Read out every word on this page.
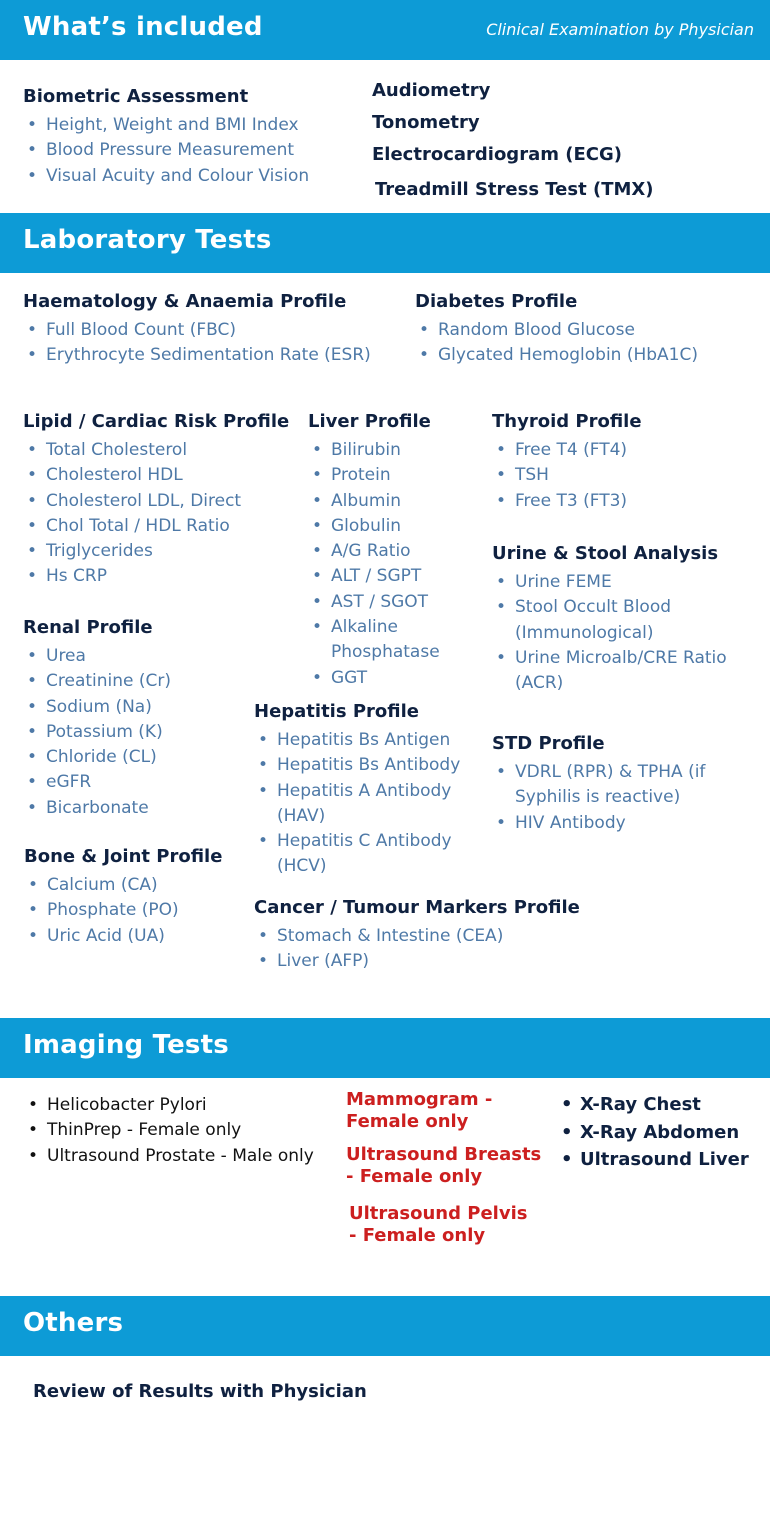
What’s included	Clinical Examination by Physician
Biometric Assessment
• Height, Weight and BMI Index
• Blood Pressure Measurement
• Visual Acuity and Colour Vision
Audiometry
Tonometry
Electrocardiogram (ECG)
Treadmill Stress Test (TMX)
Laboratory Tests
Haematology & Anaemia Profile
• Full Blood Count (FBC)
• Erythrocyte Sedimentation Rate (ESR)
Diabetes Profile
• Random Blood Glucose
• Glycated Hemoglobin (HbA1C)
Lipid / Cardiac Risk Profile
• Total Cholesterol
• Cholesterol HDL
• Cholesterol LDL, Direct
• Chol Total / HDL Ratio
• Triglycerides
• Hs CRP
Liver Profile
• Bilirubin
• Protein
• Albumin
• Globulin
• A/G Ratio
• ALT / SGPT
• AST / SGOT
• Alkaline Phosphatase
• GGT
Thyroid Profile
• Free T4 (FT4)
• TSH
• Free T3 (FT3)
Urine & Stool Analysis
• Urine FEME
• Stool Occult Blood (Immunological)
• Urine Microalb/CRE Ratio (ACR)
Renal Profile
• Urea
• Creatinine (Cr)
• Sodium (Na)
• Potassium (K)
• Chloride (CL)
• eGFR
• Bicarbonate
Hepatitis Profile
• Hepatitis Bs Antigen
• Hepatitis Bs Antibody
• Hepatitis A Antibody (HAV)
• Hepatitis C Antibody (HCV)
STD Profile
• VDRL (RPR) & TPHA (if Syphilis is reactive)
• HIV Antibody
Bone & Joint Profile
• Calcium (CA)
• Phosphate (PO)
• Uric Acid (UA)
Cancer / Tumour Markers Profile
• Stomach & Intestine (CEA)
• Liver (AFP)
Imaging Tests
• Helicobacter Pylori
• ThinPrep - Female only
• Ultrasound Prostate - Male only
Mammogram - Female only
Ultrasound Breasts - Female only
Ultrasound Pelvis - Female only
• X-Ray Chest
• X-Ray Abdomen
• Ultrasound Liver
Others
Review of Results with Physician
